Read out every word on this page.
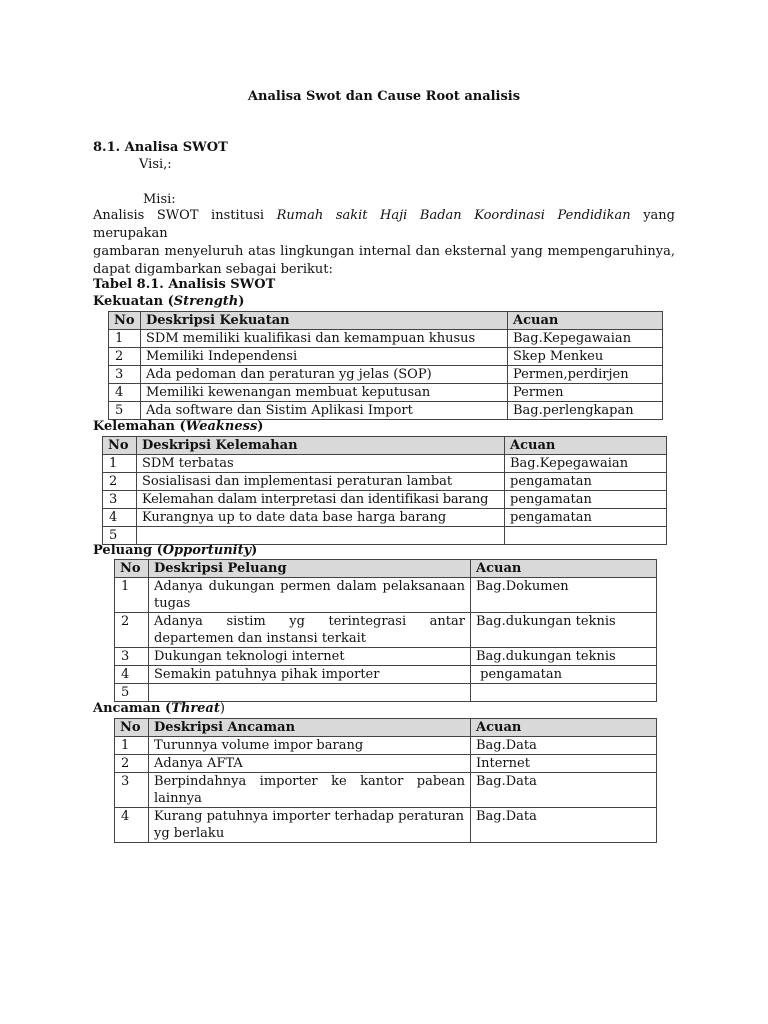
Analisa Swot dan Cause Root analisis
8.1. Analisa SWOT
Visi,:
Misi:

Analisis SWOT institusi Rumah sakit Haji Badan Koordinasi Pendidikan yang merupakan

gambaran menyeluruh atas lingkungan internal dan eksternal yang mempengaruhinya,

dapat digambarkan sebagai berikut:

Tabel 8.1. Analisis SWOT
Kekuatan (Strength)
No	Deskripsi Kekuatan	Acuan
1	SDM memiliki kualifikasi dan kemampuan khusus	Bag.Kepegawaian
2	Memiliki Independensi	Skep Menkeu
3	Ada pedoman dan peraturan yg jelas (SOP)	Permen,perdirjen
4	Memiliki kewenangan membuat keputusan	Permen
5	Ada software dan Sistim Aplikasi Import	Bag.perlengkapan
Kelemahan (Weakness)
No	Deskripsi Kelemahan	Acuan
1	SDM terbatas	Bag.Kepegawaian
2	Sosialisasi dan implementasi peraturan lambat	pengamatan
3	Kelemahan dalam interpretasi dan identifikasi barang	pengamatan
4	Kurangnya up to date data base harga barang	pengamatan
5		
Peluang (Opportunity)
No	Deskripsi Peluang	Acuan
1	Adanya dukungan permen dalam pelaksanaan tugas	Bag.Dokumen
2	Adanya sistim yg terintegrasi antar departemen dan instansi terkait	Bag.dukungan teknis
3	Dukungan teknologi internet	Bag.dukungan teknis
4	Semakin patuhnya pihak importer	pengamatan
5		
Ancaman (Threat)
No	Deskripsi Ancaman	Acuan
1	Turunnya volume impor barang	Bag.Data
2	Adanya AFTA	Internet
3	Berpindahnya importer ke kantor pabean lainnya	Bag.Data
4	Kurang patuhnya importer terhadap peraturan yg berlaku	Bag.Data
